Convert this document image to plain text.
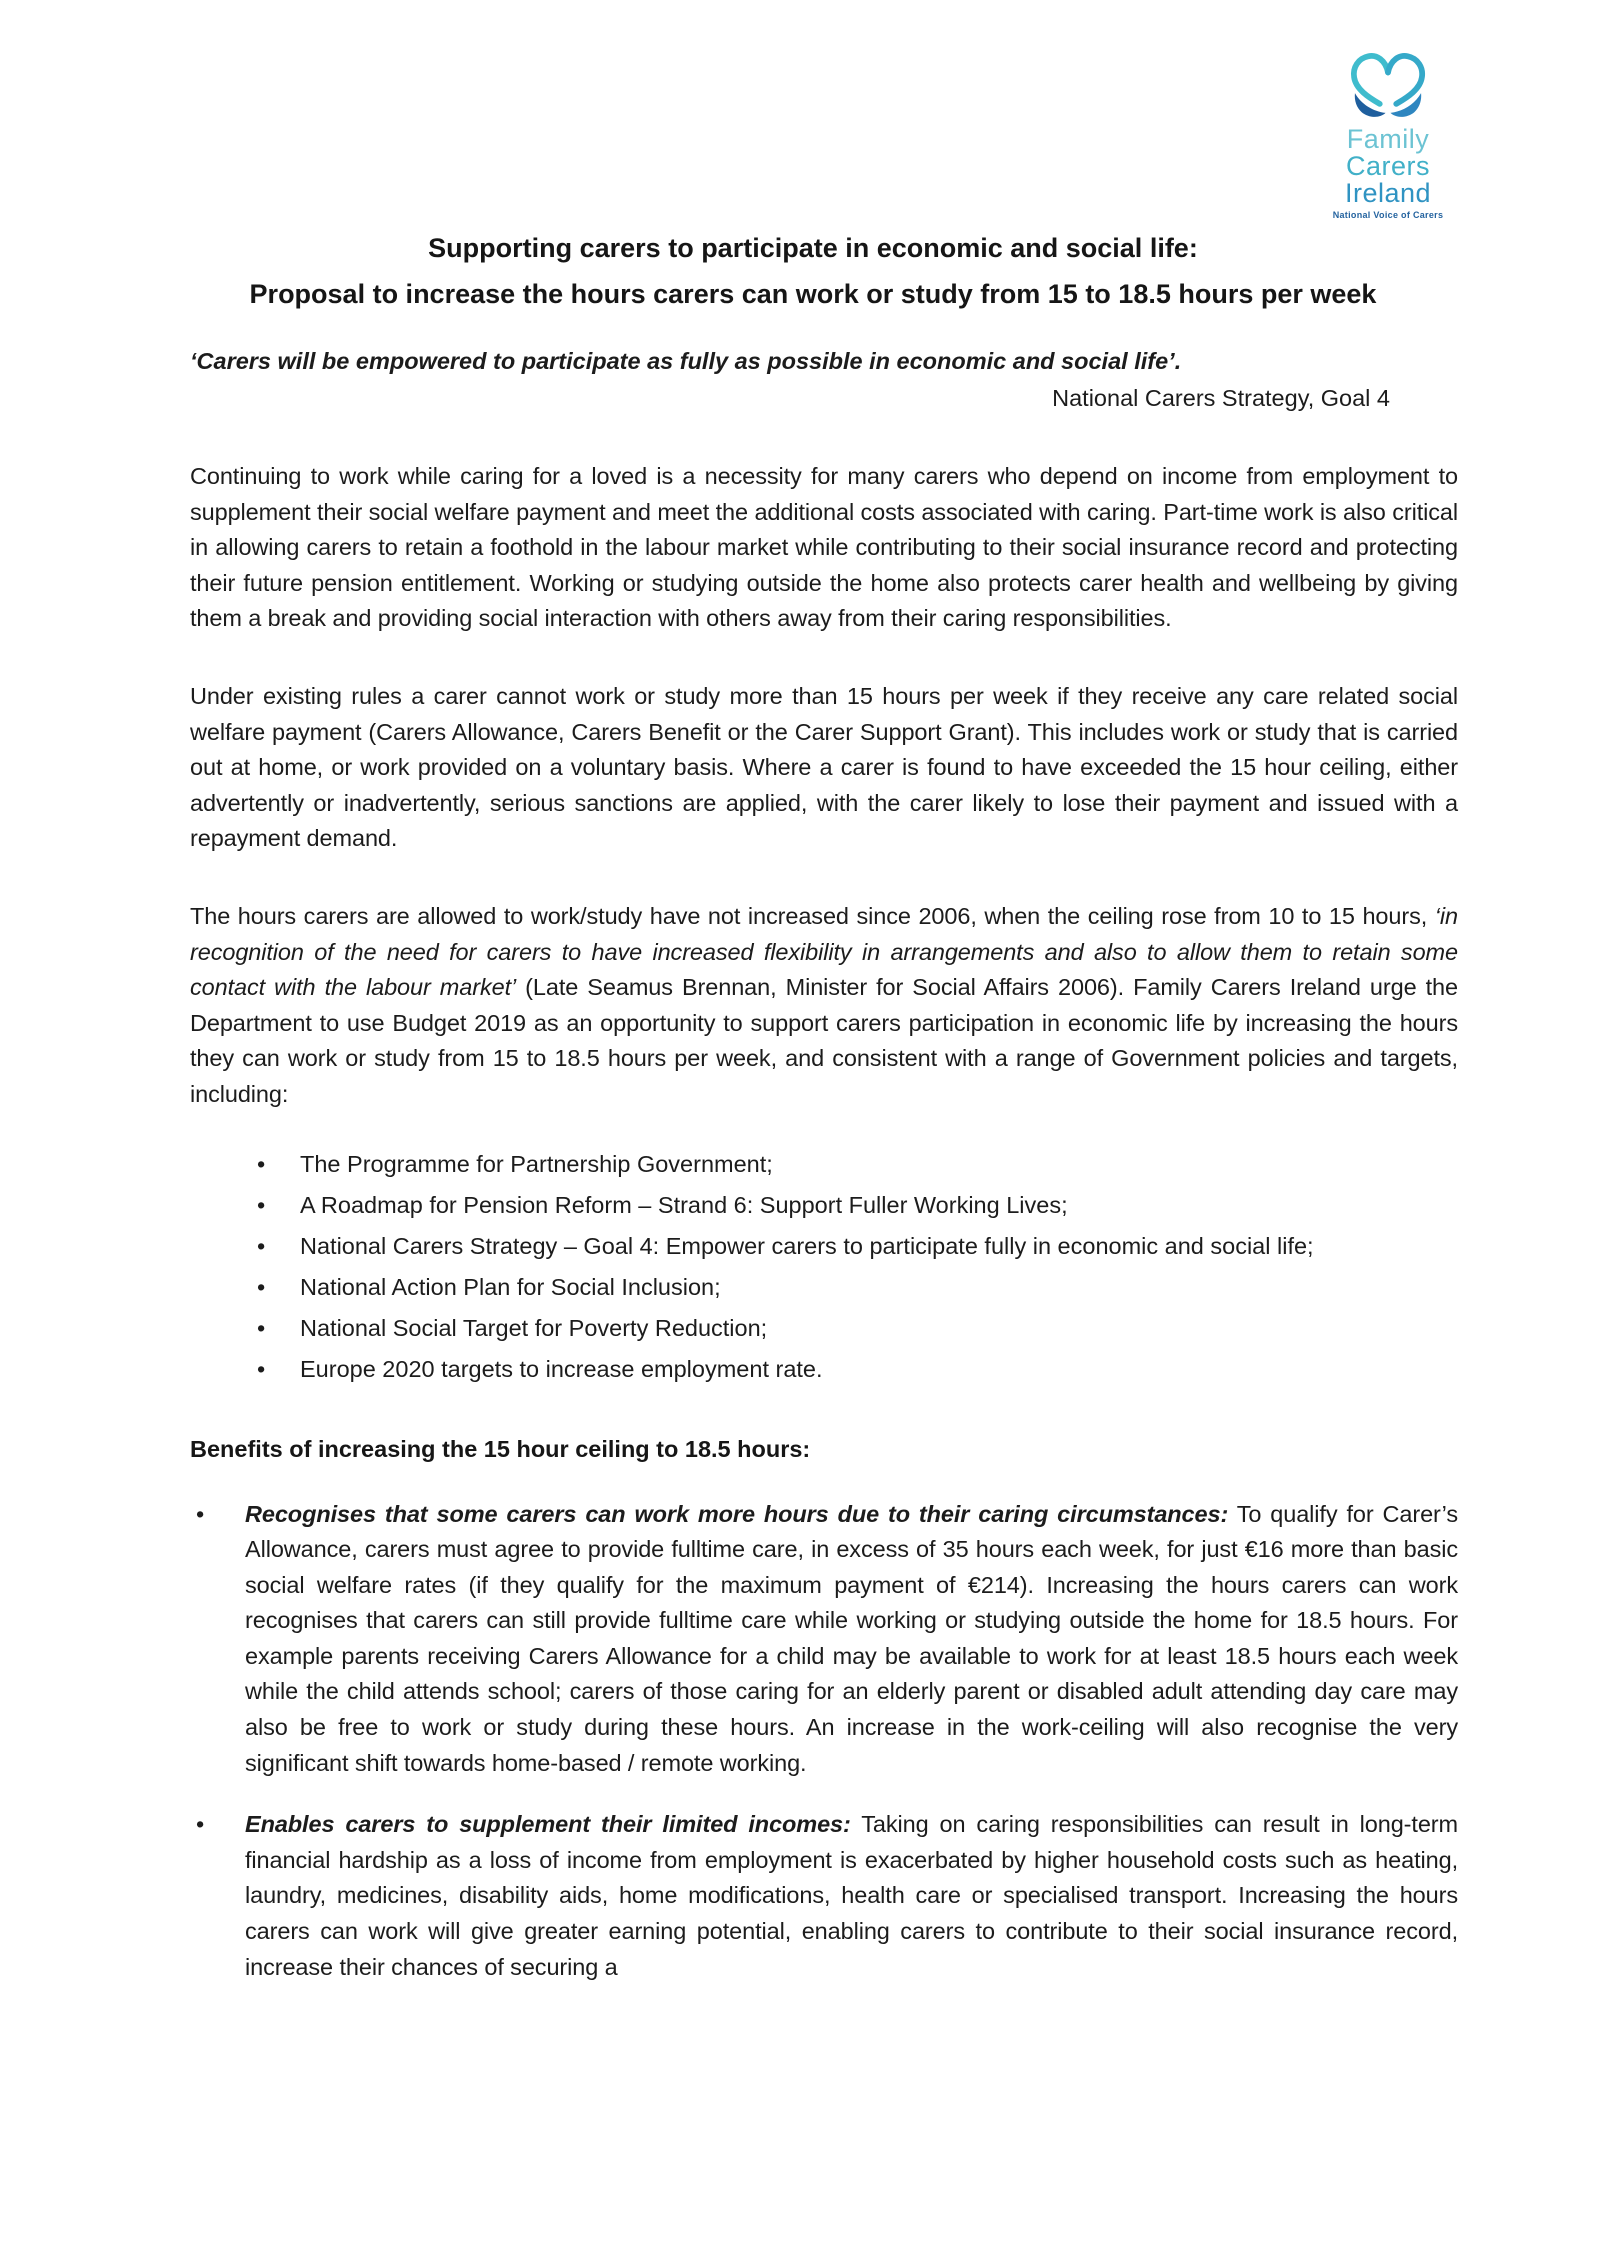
Family
Carers
Ireland
National Voice of Carers
Supporting carers to participate in economic and social life:
Proposal to increase the hours carers can work or study from 15 to 18.5 hours per week
‘Carers will be empowered to participate as fully as possible in economic and social life’.
National Carers Strategy, Goal 4

Continuing to work while caring for a loved is a necessity for many carers who depend on income from employment to supplement their social welfare payment and meet the additional costs associated with caring. Part-time work is also critical in allowing carers to retain a foothold in the labour market while contributing to their social insurance record and protecting their future pension entitlement. Working or studying outside the home also protects carer health and wellbeing by giving them a break and providing social interaction with others away from their caring responsibilities.

Under existing rules a carer cannot work or study more than 15 hours per week if they receive any care related social welfare payment (Carers Allowance, Carers Benefit or the Carer Support Grant). This includes work or study that is carried out at home, or work provided on a voluntary basis. Where a carer is found to have exceeded the 15 hour ceiling, either advertently or inadvertently, serious sanctions are applied, with the carer likely to lose their payment and issued with a repayment demand.

The hours carers are allowed to work/study have not increased since 2006, when the ceiling rose from 10 to 15 hours, ‘in recognition of the need for carers to have increased flexibility in arrangements and also to allow them to retain some contact with the labour market’ (Late Seamus Brennan, Minister for Social Affairs 2006). Family Carers Ireland urge the Department to use Budget 2019 as an opportunity to support carers participation in economic life by increasing the hours they can work or study from 15 to 18.5 hours per week, and consistent with a range of Government policies and targets, including:

• The Programme for Partnership Government;
• A Roadmap for Pension Reform – Strand 6: Support Fuller Working Lives;
• National Carers Strategy – Goal 4: Empower carers to participate fully in economic and social life;
• National Action Plan for Social Inclusion;
• National Social Target for Poverty Reduction;
• Europe 2020 targets to increase employment rate.
Benefits of increasing the 15 hour ceiling to 18.5 hours:
• Recognises that some carers can work more hours due to their caring circumstances: To qualify for Carer’s Allowance, carers must agree to provide fulltime care, in excess of 35 hours each week, for just €16 more than basic social welfare rates (if they qualify for the maximum payment of €214). Increasing the hours carers can work recognises that carers can still provide fulltime care while working or studying outside the home for 18.5 hours. For example parents receiving Carers Allowance for a child may be available to work for at least 18.5 hours each week while the child attends school; carers of those caring for an elderly parent or disabled adult attending day care may also be free to work or study during these hours. An increase in the work-ceiling will also recognise the very significant shift towards home-based / remote working.
• Enables carers to supplement their limited incomes: Taking on caring responsibilities can result in long-term financial hardship as a loss of income from employment is exacerbated by higher household costs such as heating, laundry, medicines, disability aids, home modifications, health care or specialised transport. Increasing the hours carers can work will give greater earning potential, enabling carers to contribute to their social insurance record, increase their chances of securing a
